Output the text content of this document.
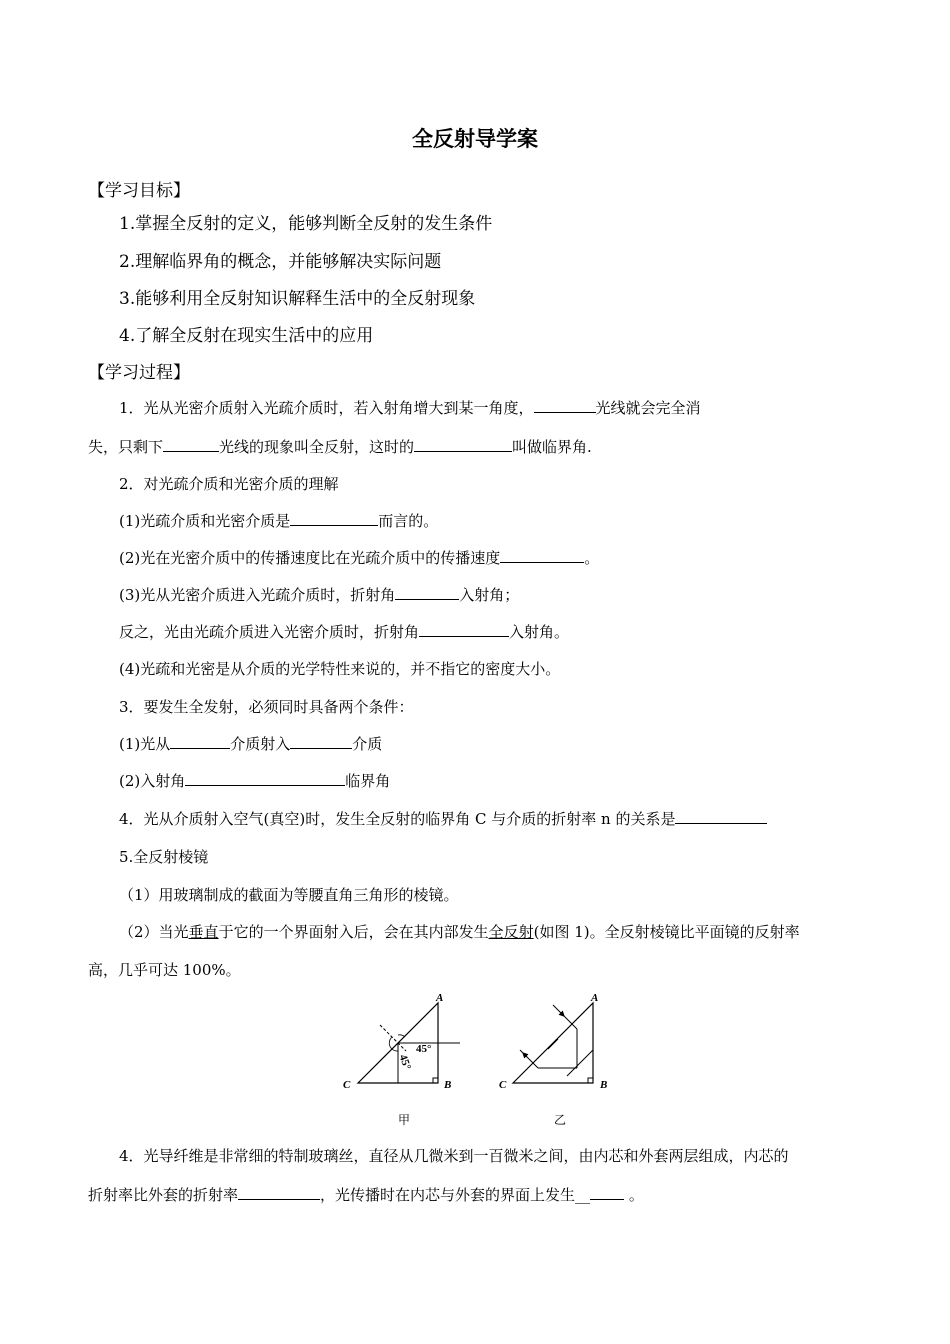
全反射导学案
【学习目标】
1.掌握全反射的定义，能够判断全反射的发生条件
2.理解临界角的概念，并能够解决实际问题
3.能够利用全反射知识解释生活中的全反射现象
4.了解全反射在现实生活中的应用
【学习过程】
1．光从光密介质射入光疏介质时，若入射角增大到某一角度，	光线就会完全消
失，只剩下	光线的现象叫全反射，这时的	叫做临界角.
2．对光疏介质和光密介质的理解
(1)光疏介质和光密介质是	而言的。
(2)光在光密介质中的传播速度比在光疏介质中的传播速度	。
(3)光从光密介质进入光疏介质时，折射角	入射角；
反之，光由光疏介质进入光密介质时，折射角	入射角。
(4)光疏和光密是从介质的光学特性来说的，并不指它的密度大小。
3．要发生全发射，必须同时具备两个条件：
(1)光从	介质射入	介质
(2)入射角	临界角
4．光从介质射入空气(真空)时，发生全反射的临界角 C 与介质的折射率 n 的关系是
5.全反射棱镜
（1）用玻璃制成的截面为等腰直角三角形的棱镜。
（2）当光垂直于它的一个界面射入后，会在其内部发生全反射(如图 1)。全反射棱镜比平面镜的反射率
高，几乎可达 100%。
45°
45°
A
B
C
甲
A
B
C
乙
4．光导纤维是非常细的特制玻璃丝，直径从几微米到一百微米之间，由内芯和外套两层组成，内芯的
折射率比外套的折射率	，光传播时在内芯与外套的界面上发生__	。
